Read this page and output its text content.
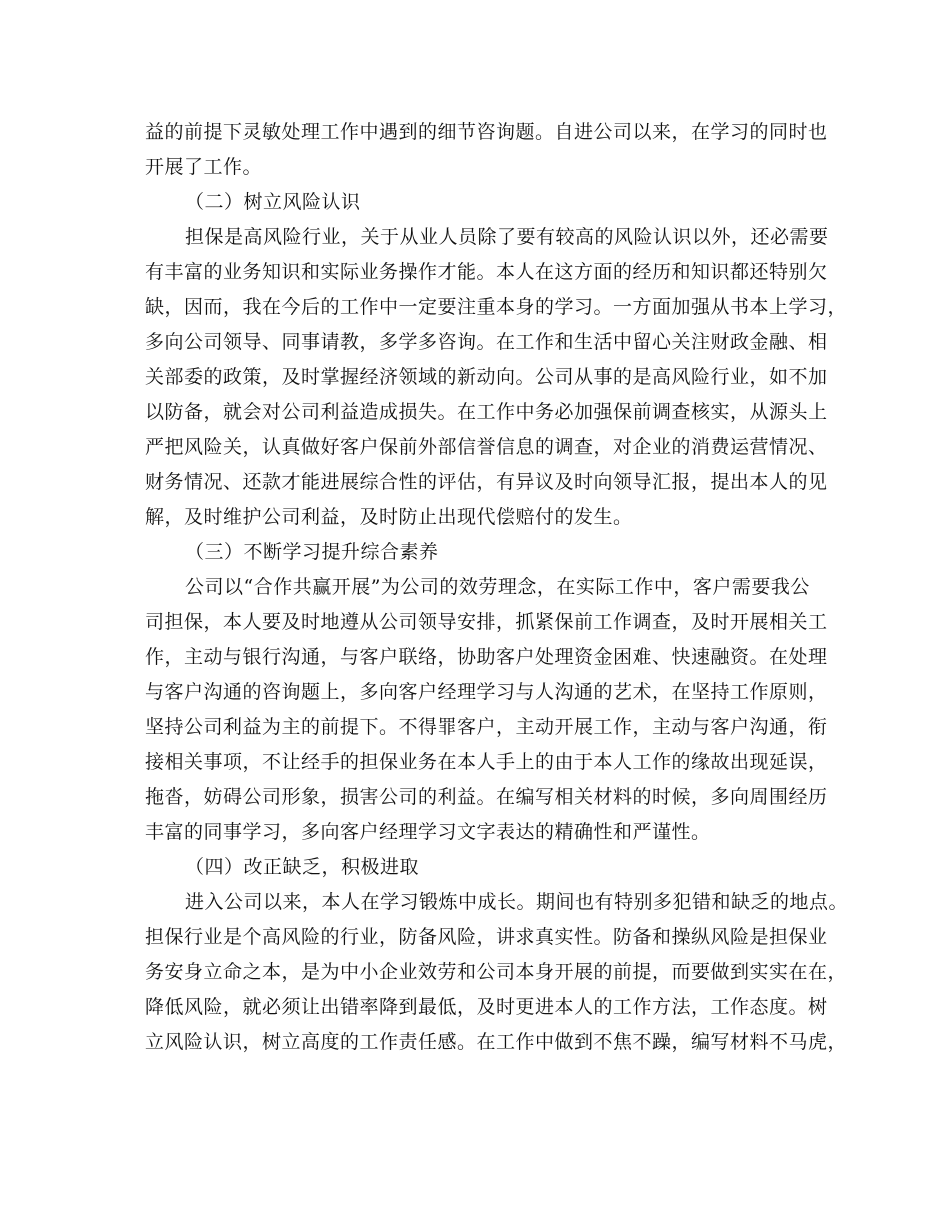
益的前提下灵敏处理工作中遇到的细节咨询题。自进公司以来，在学习的同时也
开展了工作。
（二）树立风险认识
担保是高风险行业，关于从业人员除了要有较高的风险认识以外，还必需要
有丰富的业务知识和实际业务操作才能。本人在这方面的经历和知识都还特别欠
缺，因而，我在今后的工作中一定要注重本身的学习。一方面加强从书本上学习，
多向公司领导、同事请教，多学多咨询。在工作和生活中留心关注财政金融、相
关部委的政策，及时掌握经济领域的新动向。公司从事的是高风险行业，如不加
以防备，就会对公司利益造成损失。在工作中务必加强保前调查核实，从源头上
严把风险关，认真做好客户保前外部信誉信息的调查，对企业的消费运营情况、
财务情况、还款才能进展综合性的评估，有异议及时向领导汇报，提出本人的见
解，及时维护公司利益，及时防止出现代偿赔付的发生。
（三）不断学习提升综合素养
公司以“合作共赢开展”为公司的效劳理念，在实际工作中，客户需要我公
司担保，本人要及时地遵从公司领导安排，抓紧保前工作调查，及时开展相关工
作，主动与银行沟通，与客户联络，协助客户处理资金困难、快速融资。在处理
与客户沟通的咨询题上，多向客户经理学习与人沟通的艺术，在坚持工作原则，
坚持公司利益为主的前提下。不得罪客户，主动开展工作，主动与客户沟通，衔
接相关事项，不让经手的担保业务在本人手上的由于本人工作的缘故出现延误，
拖沓，妨碍公司形象，损害公司的利益。在编写相关材料的时候，多向周围经历
丰富的同事学习，多向客户经理学习文字表达的精确性和严谨性。
（四）改正缺乏，积极进取
进入公司以来，本人在学习锻炼中成长。期间也有特别多犯错和缺乏的地点。
担保行业是个高风险的行业，防备风险，讲求真实性。防备和操纵风险是担保业
务安身立命之本，是为中小企业效劳和公司本身开展的前提，而要做到实实在在，
降低风险，就必须让出错率降到最低，及时更进本人的工作方法，工作态度。树
立风险认识，树立高度的工作责任感。在工作中做到不焦不躁，编写材料不马虎，
